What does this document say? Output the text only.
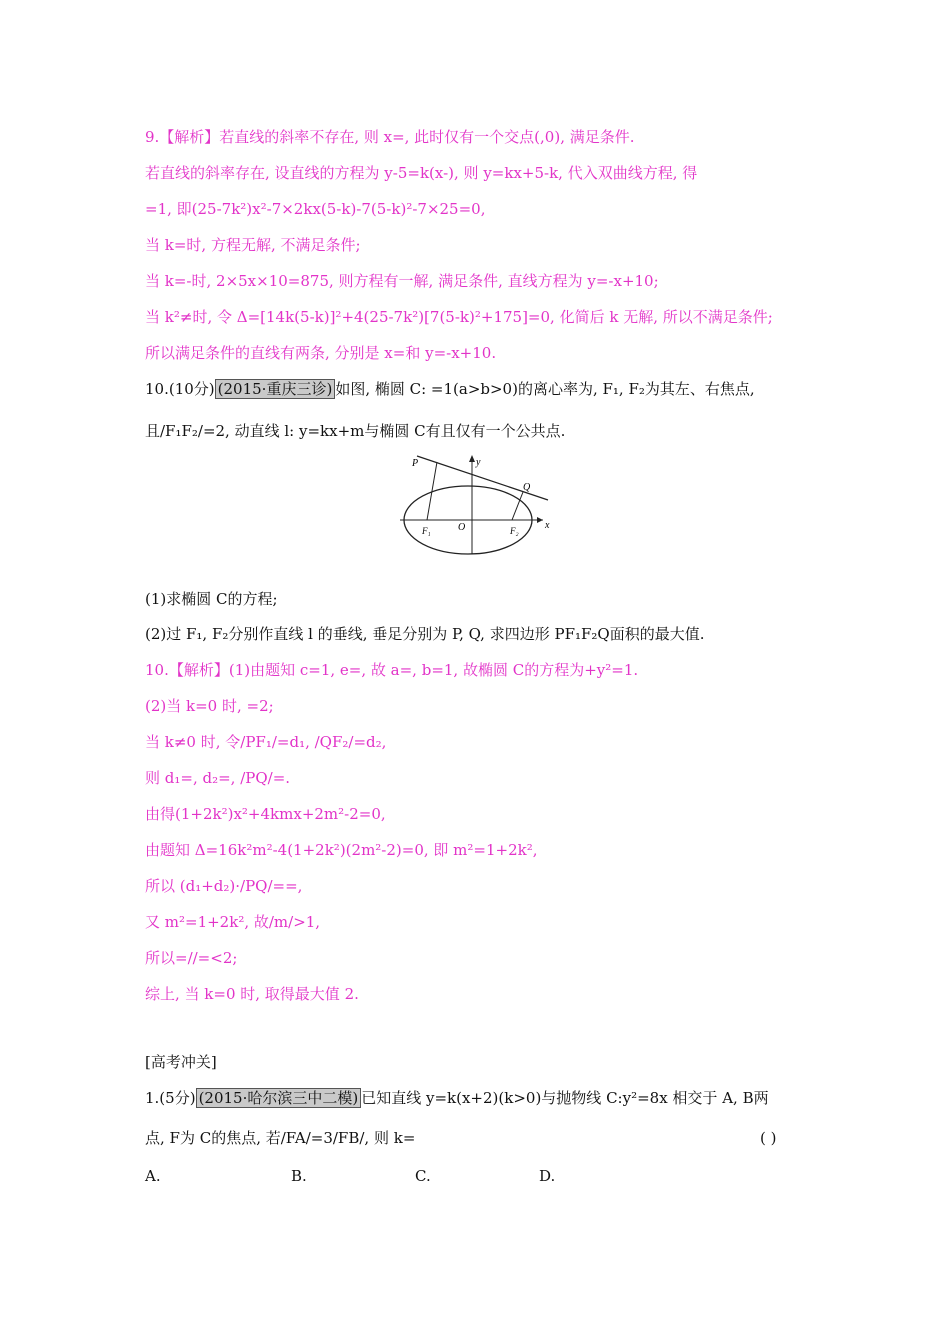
9.【解析】若直线的斜率不存在, 则 x=, 此时仅有一个交点(,0), 满足条件.
若直线的斜率存在, 设直线的方程为 y-5=k(x-), 则 y=kx+5-k, 代入双曲线方程, 得
=1, 即(25-7k²)x²-7×2kx(5-k)-7(5-k)²-7×25=0,
当 k=时, 方程无解, 不满足条件;
当 k=-时, 2×5x×10=875, 则方程有一解, 满足条件, 直线方程为 y=-x+10;
当 k²≠时, 令 Δ=[14k(5-k)]²+4(25-7k²)[7(5-k)²+175]=0, 化简后 k 无解, 所以不满足条件;
所以满足条件的直线有两条, 分别是 x=和 y=-x+10.
10.(10分) (2015·重庆三诊) 如图, 椭圆 C: =1(a>b>0)的离心率为, F₁, F₂为其左、右焦点,
且/F₁F₂/=2, 动直线 l: y=kx+m与椭圆 C有且仅有一个公共点.
P
Q
y
x
O
F₁	F₂
(1)求椭圆 C的方程;
(2)过 F₁, F₂分别作直线 l 的垂线, 垂足分别为 P, Q, 求四边形 PF₁F₂Q面积的最大值.
10.【解析】(1)由题知 c=1, e=, 故 a=, b=1, 故椭圆 C的方程为+y²=1.
(2)当 k=0 时, =2;
当 k≠0 时, 令/PF₁/=d₁, /QF₂/=d₂,
则 d₁=, d₂=, /PQ/=.
由得(1+2k²)x²+4kmx+2m²-2=0,
由题知 Δ=16k²m²-4(1+2k²)(2m²-2)=0, 即 m²=1+2k²,
所以 (d₁+d₂)·/PQ/==,
又 m²=1+2k², 故/m/>1,
所以=//=<2;
综上, 当 k=0 时, 取得最大值 2.
[高考冲关]
1.(5分) (2015·哈尔滨三中二模) 已知直线 y=k(x+2)(k>0)与抛物线 C:y²=8x 相交于 A, B两
点, F为 C的焦点, 若/FA/=3/FB/, 则 k=	( )
A.	B.	C.	D.
